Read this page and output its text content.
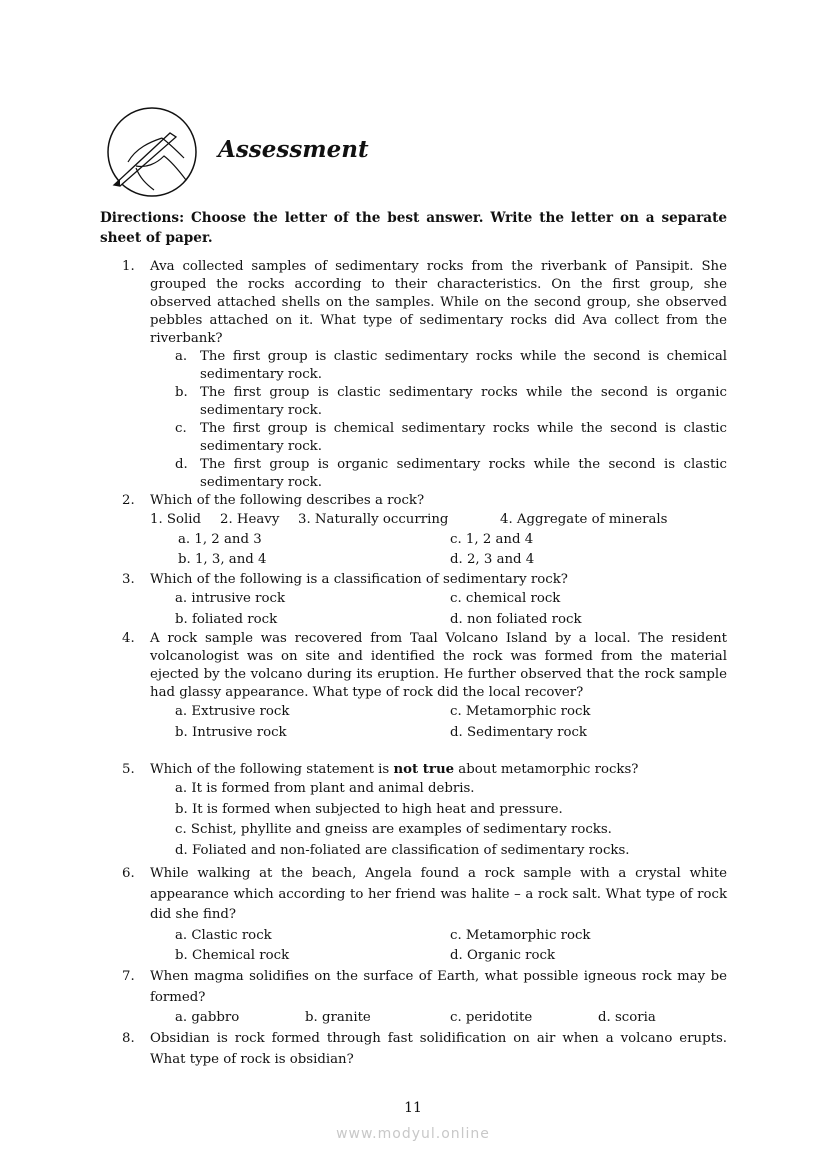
Assessment
Directions: Choose the letter of the best answer. Write the letter on a separate sheet of paper.
1.	Ava collected samples of sedimentary rocks from the riverbank of Pansipit. She grouped the rocks according to their characteristics. On the first group, she observed attached shells on the samples. While on the second group, she observed pebbles attached on it. What type of sedimentary rocks did Ava collect from the riverbank?
a. The first group is clastic sedimentary rocks while the second is chemical sedimentary rock.
b. The first group is clastic sedimentary rocks while the second is organic sedimentary rock.
c. The first group is chemical sedimentary rocks while the second is clastic sedimentary rock.
d. The first group is organic sedimentary rocks while the second is clastic sedimentary rock.
2.	Which of the following describes a rock?
1. Solid 2. Heavy 3. Naturally occurring	4. Aggregate of minerals
a. 1, 2 and 3	c. 1, 2 and 4
b. 1, 3, and 4	d. 2, 3 and 4
3.	Which of the following is a classification of sedimentary rock?
a. intrusive rock	c. chemical rock
b. foliated rock	d. non foliated rock
4.	A rock sample was recovered from Taal Volcano Island by a local. The resident volcanologist was on site and identified the rock was formed from the material ejected by the volcano during its eruption. He further observed that the rock sample had glassy appearance. What type of rock did the local recover?
a. Extrusive rock	c. Metamorphic rock
b. Intrusive rock	d. Sedimentary rock
5.	Which of the following statement is not true about metamorphic rocks?
a. It is formed from plant and animal debris.
b. It is formed when subjected to high heat and pressure.
c. Schist, phyllite and gneiss are examples of sedimentary rocks.
d. Foliated and non-foliated are classification of sedimentary rocks.
6.	While walking at the beach, Angela found a rock sample with a crystal white appearance which according to her friend was halite – a rock salt. What type of rock did she find?
a. Clastic rock	c. Metamorphic rock
b. Chemical rock	d. Organic rock
7.	When magma solidifies on the surface of Earth, what possible igneous rock may be formed?
a. gabbro	b. granite	c. peridotite	d. scoria
8.	Obsidian is rock formed through fast solidification on air when a volcano erupts. What type of rock is obsidian?
11
www.modyul.online
